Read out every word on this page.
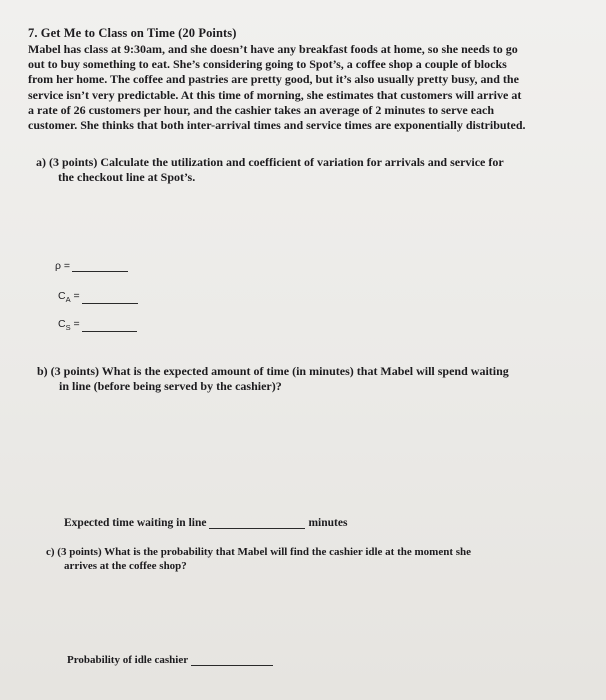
7. Get Me to Class on Time (20 Points)
Mabel has class at 9:30am, and she doesn’t have any breakfast foods at home, so she needs to go
out to buy something to eat. She’s considering going to Spot’s, a coffee shop a couple of blocks
from her home. The coffee and pastries are pretty good, but it’s also usually pretty busy, and the
service isn’t very predictable. At this time of morning, she estimates that customers will arrive at
a rate of 26 customers per hour, and the cashier takes an average of 2 minutes to serve each
customer. She thinks that both inter-arrival times and service times are exponentially distributed.
a) (3 points) Calculate the utilization and coefficient of variation for arrivals and service for
the checkout line at Spot’s.
ρ =
$C_A$ =
$C_S$ =
b) (3 points) What is the expected amount of time (in minutes) that Mabel will spend waiting
in line (before being served by the cashier)?
Expected time waiting in line	minutes
c) (3 points) What is the probability that Mabel will find the cashier idle at the moment she
arrives at the coffee shop?
Probability of idle cashier
